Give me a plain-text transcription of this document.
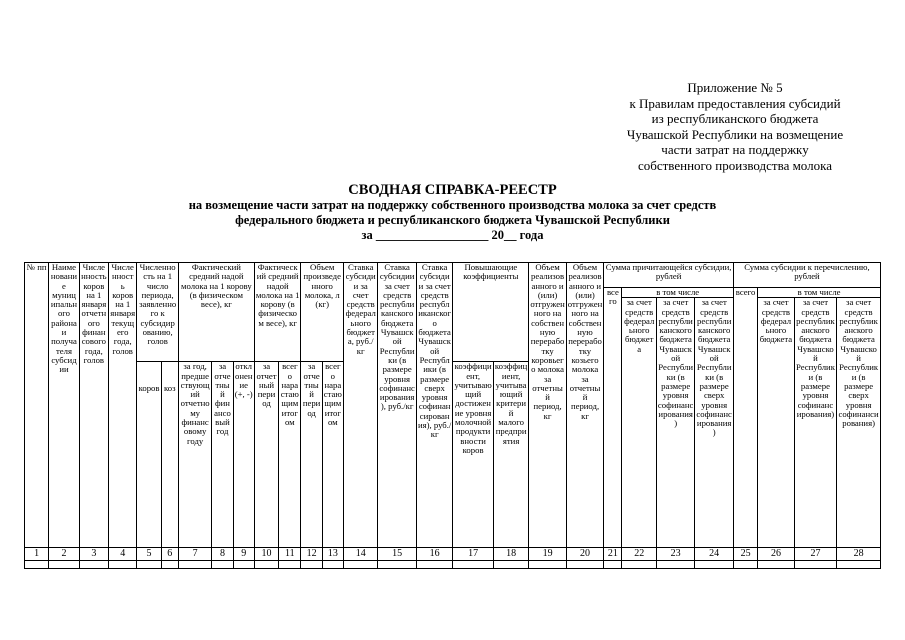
Приложение № 5
к Правилам предоставления субсидий
из республиканского бюджета
Чувашской Республики на возмещение
части затрат на поддержку
собственного производства молока
СВОДНАЯ СПРАВКА-РЕЕСТР
на возмещение части затрат на поддержку собственного производства молока за счет средств
федерального бюджета и республиканского бюджета Чувашской Республики
за __________________ 20__ года
№ пп	Наименование муниципального района и получателя субсидии	Численность коров на 1 января отчетного финансового года, голов	Численность коров на 1 января текущего года, голов	Численность на 1 число периода, заявленного к субсидированию, голов		Фактический средний надой молока на 1 корову (в физическом весе), кг			Фактический средний надой молока на 1 корову (в физическом весе), кг		Объем произведенного молока, л (кг)		Ставка субсидии за счет средств федерального бюджета, руб./кг	Ставка субсидии за счет средств республиканского бюджета Чувашской Республики (в размере уровня софинансирования), руб./кг	Ставка субсидии за счет средств республиканского бюджета Чувашской Республики (в размере сверх уровня софинансирования), руб./кг	Повышающие коэффициенты		Объем реализованного и (или) отгруженного на собственную переработку коровьего молока за отчетный период, кг	Объем реализованного и (или) отгруженного на собственную переработку козьего молока за отчетный период, кг	Сумма причитающейся субсидии, рублей				Сумма субсидии к перечислению, рублей			
																				всего	в том числе			всего	в том числе		
																					за счет средств федерального бюджета	за счет средств республиканского бюджета Чувашской Республики (в размере уровня софинансирования)	за счет средств республиканского бюджета Чувашской Республики (в размере сверх уровня софинансирования)		за счет средств федерального бюджета	за счет средств республиканского бюджета Чувашской Республики (в размере уровня софинансирования)	за счет средств республиканского бюджета Чувашской Республики (в размере сверх уровня софинансирования)
				коров	коз	за год, предшествующий отчетному финансовому году	за отчетный финансовый год	отклонение (+, -)	за отчетный период	всего нарастающим итогом	за отчетный период	всего нарастающим итогом				коэффициент, учитывающий достижение уровня молочной продуктивности коров	коэффициент, учитывающий критерий малого предприятия										
1	2	3	4	5	6	7	8	9	10	11	12	13	14	15	16	17	18	19	20	21	22	23	24	25	26	27	28
